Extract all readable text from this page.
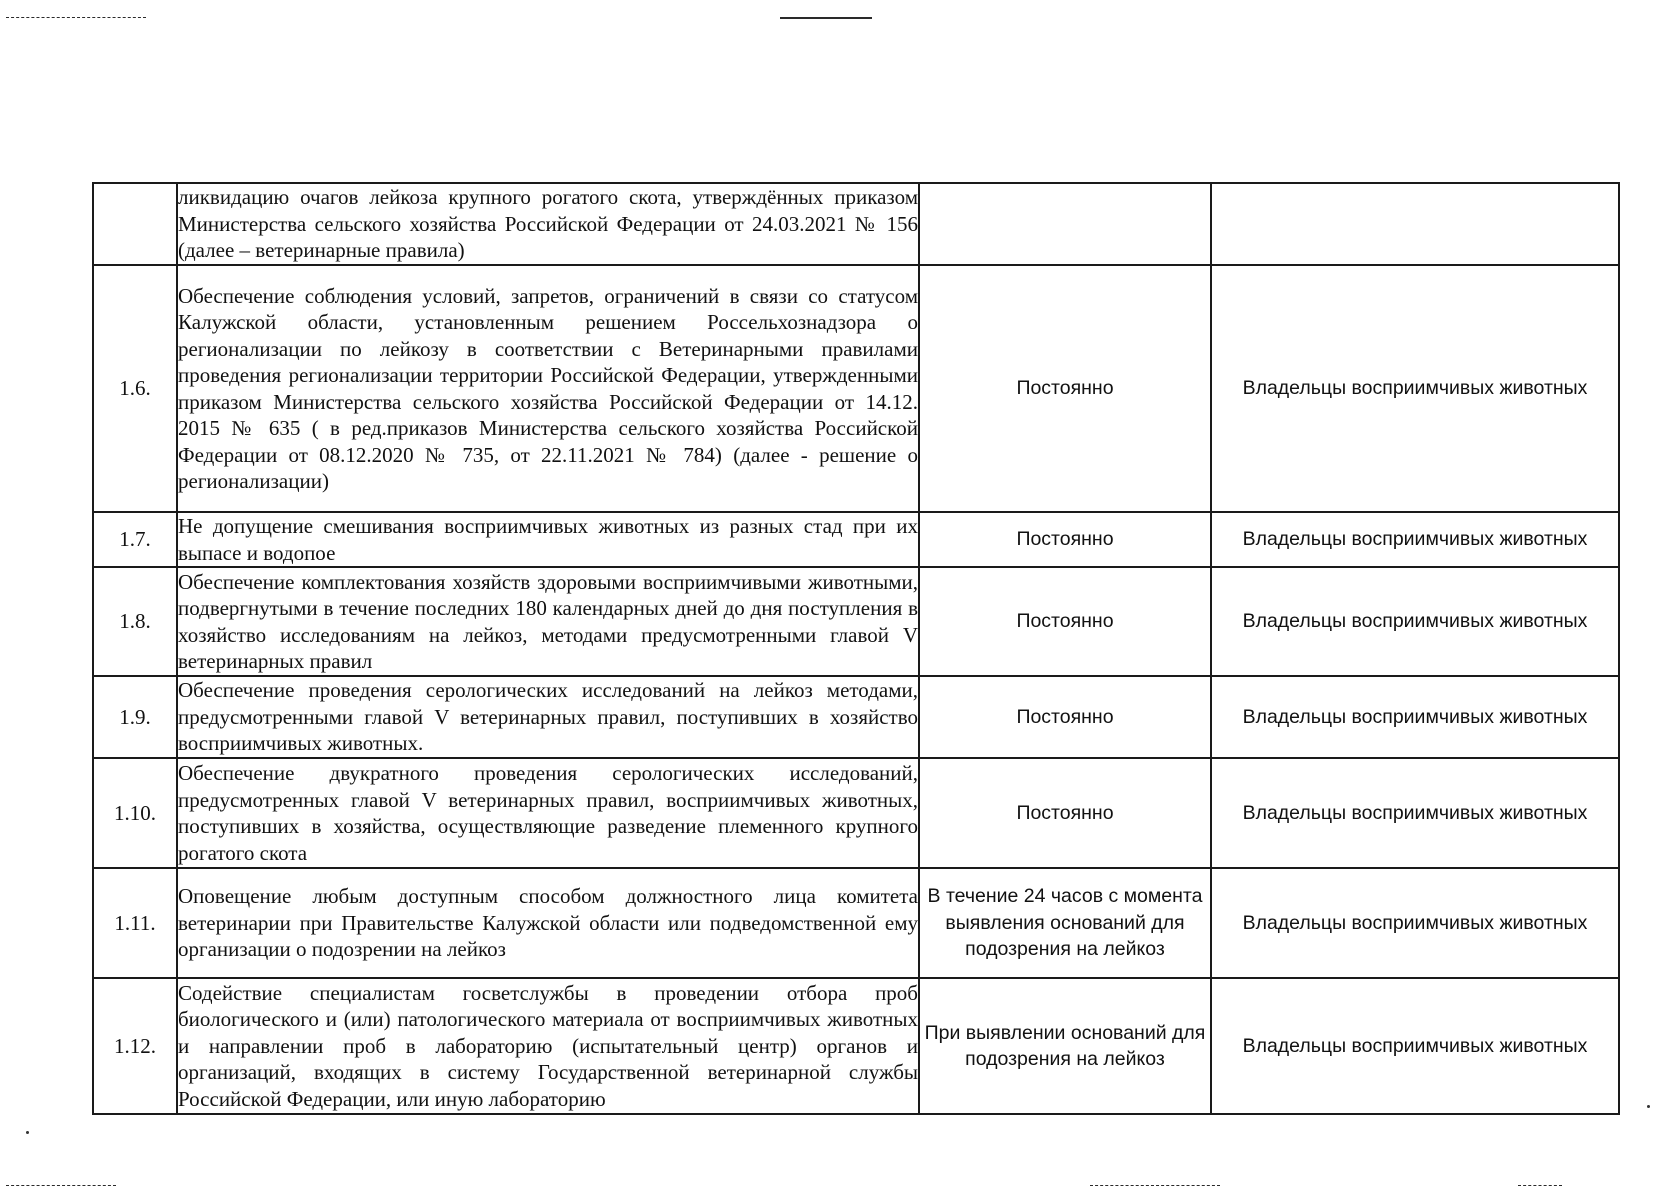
	ликвидацию очагов лейкоза крупного рогатого скота, утверждённых приказом Министерства сельского хозяйства Российской Федерации от 24.03.2021 № 156 (далее – ветеринарные правила)		
1.6.	Обеспечение соблюдения условий, запретов, ограничений в связи со статусом Калужской области, установленным решением Россельхознадзора о регионализации по лейкозу в соответствии с Ветеринарными правилами проведения регионализации территории Российской Федерации, утвержденными приказом Министерства сельского хозяйства Российской Федерации от 14.12. 2015 № 635 ( в ред.приказов Министерства сельского хозяйства Российской Федерации от 08.12.2020 № 735, от 22.11.2021 № 784) (далее - решение о регионализации)	Постоянно	Владельцы восприимчивых животных
1.7.	Не допущение смешивания восприимчивых животных из разных стад при их выпасе и водопое	Постоянно	Владельцы восприимчивых животных
1.8.	Обеспечение комплектования хозяйств здоровыми восприимчивыми животными, подвергнутыми в течение последних 180 календарных дней до дня поступления в хозяйство исследованиям на лейкоз, методами предусмотренными главой V ветеринарных правил	Постоянно	Владельцы восприимчивых животных
1.9.	Обеспечение проведения серологических исследований на лейкоз методами, предусмотренными главой V ветеринарных правил, поступивших в хозяйство восприимчивых животных.	Постоянно	Владельцы восприимчивых животных
1.10.	Обеспечение двукратного проведения серологических исследований, предусмотренных главой V ветеринарных правил, восприимчивых животных, поступивших в хозяйства, осуществляющие разведение племенного крупного рогатого скота	Постоянно	Владельцы восприимчивых животных
1.11.	Оповещение любым доступным способом должностного лица комитета ветеринарии при Правительстве Калужской области или подведомственной ему организации о подозрении на лейкоз	В течение 24 часов с момента выявления оснований для подозрения на лейкоз	Владельцы восприимчивых животных
1.12.	Содействие специалистам госветслужбы в проведении отбора проб биологического и (или) патологического материала от восприимчивых животных и направлении проб в лабораторию (испытательный центр) органов и организаций, входящих в систему Государственной ветеринарной службы Российской Федерации, или иную лабораторию	При выявлении оснований для подозрения на лейкоз	Владельцы восприимчивых животных
